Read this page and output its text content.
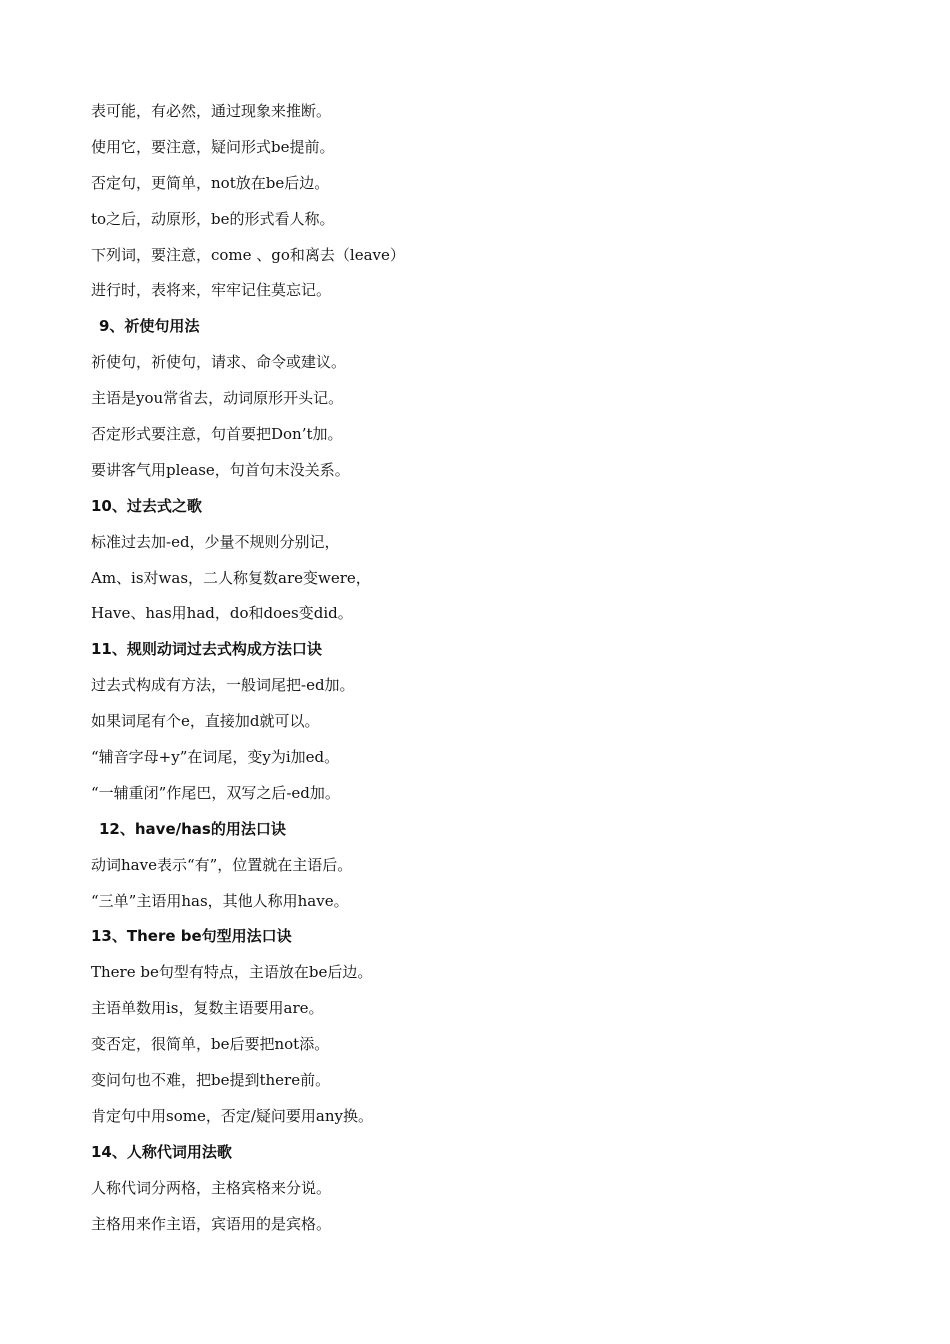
表可能，有必然，通过现象来推断。
使用它，要注意，疑问形式be提前。
否定句，更简单，not放在be后边。
to之后，动原形，be的形式看人称。
下列词，要注意，come 、go和离去（leave）
进行时，表将来，牢牢记住莫忘记。
9、祈使句用法
祈使句，祈使句，请求、命令或建议。
主语是you常省去，动词原形开头记。
否定形式要注意，句首要把Don’t加。
要讲客气用please，句首句末没关系。
10、过去式之歌
标准过去加-ed，少量不规则分别记，
Am、is对was，二人称复数are变were，
Have、has用had，do和does变did。
11、规则动词过去式构成方法口诀
过去式构成有方法，一般词尾把-ed加。
如果词尾有个e，直接加d就可以。
“辅音字母+y”在词尾，变y为i加ed。
“一辅重闭”作尾巴，双写之后-ed加。
12、have/has的用法口诀
动词have表示“有”，位置就在主语后。
“三单”主语用has，其他人称用have。
13、There be句型用法口诀
There be句型有特点，主语放在be后边。
主语单数用is，复数主语要用are。
变否定，很简单，be后要把not添。
变问句也不难，把be提到there前。
肯定句中用some，否定/疑问要用any换。
14、人称代词用法歌
人称代词分两格，主格宾格来分说。
主格用来作主语，宾语用的是宾格。
